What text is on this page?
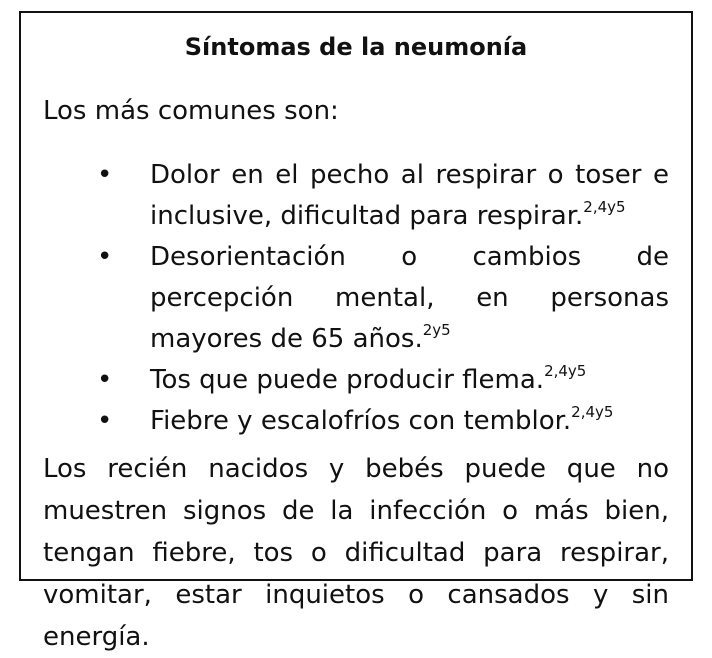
Síntomas de la neumonía

Los más comunes son:

• Dolor en el pecho al respirar o toser e inclusive, dificultad para respirar.$^{2,4y5}$
• Desorientación o cambios de percepción mental, en personas mayores de 65 años.$^{2y5}$
• Tos que puede producir flema.$^{2,4y5}$
• Fiebre y escalofríos con temblor.$^{2,4y5}$

Los recién nacidos y bebés puede que no muestren signos de la infección o más bien, tengan fiebre, tos o dificultad para respirar, vomitar, estar inquietos o cansados y sin energía.
